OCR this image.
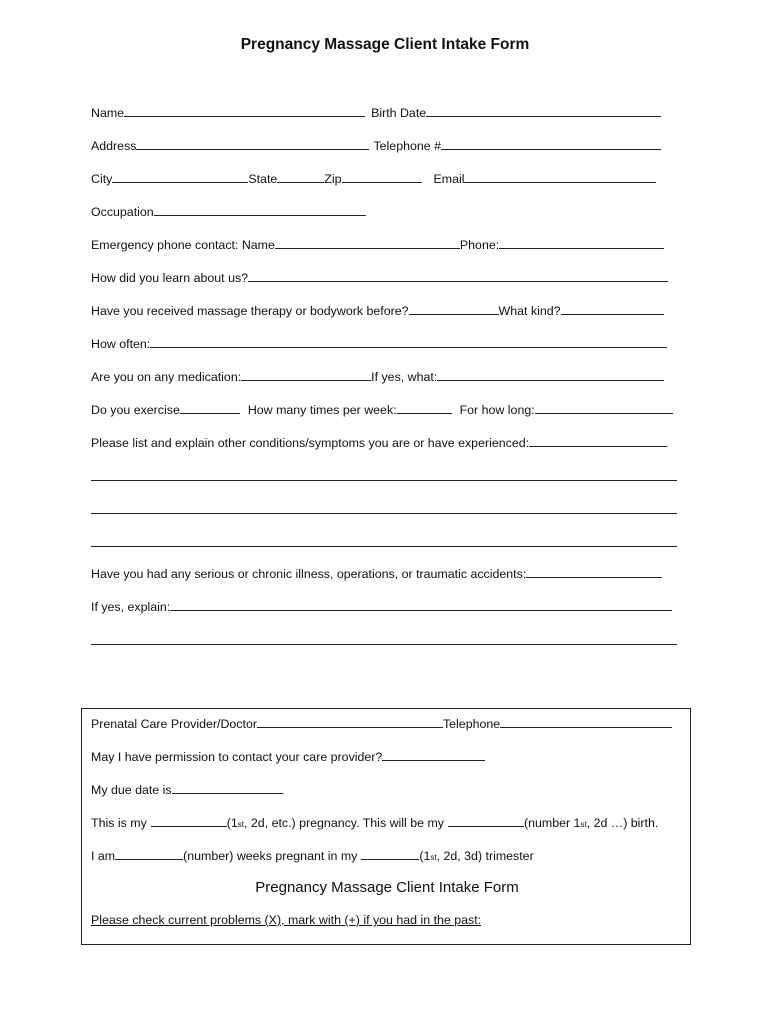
Pregnancy Massage Client Intake Form
Name	Birth Date
Address	Telephone #
City	State	Zip	Email
Occupation
Emergency phone contact: Name	Phone:
How did you learn about us?
Have you received massage therapy or bodywork before?	What kind?
How often:
Are you on any medication:	If yes, what:
Do you exercise	How many times per week:	For how long:
Please list and explain other conditions/symptoms you are or have experienced:
Have you had any serious or chronic illness, operations, or traumatic accidents:
If yes, explain:
Prenatal Care Provider/Doctor	Telephone
May I have permission to contact your care provider?
My due date is
This is my	(1 st , 2d, etc.) pregnancy. This will be my	(number 1 st , 2d …) birth.
I am	(number) weeks pregnant in my	(1 st , 2d, 3d) trimester
Pregnancy Massage Client Intake Form
Please check current problems (X), mark with (+) if you had in the past:
